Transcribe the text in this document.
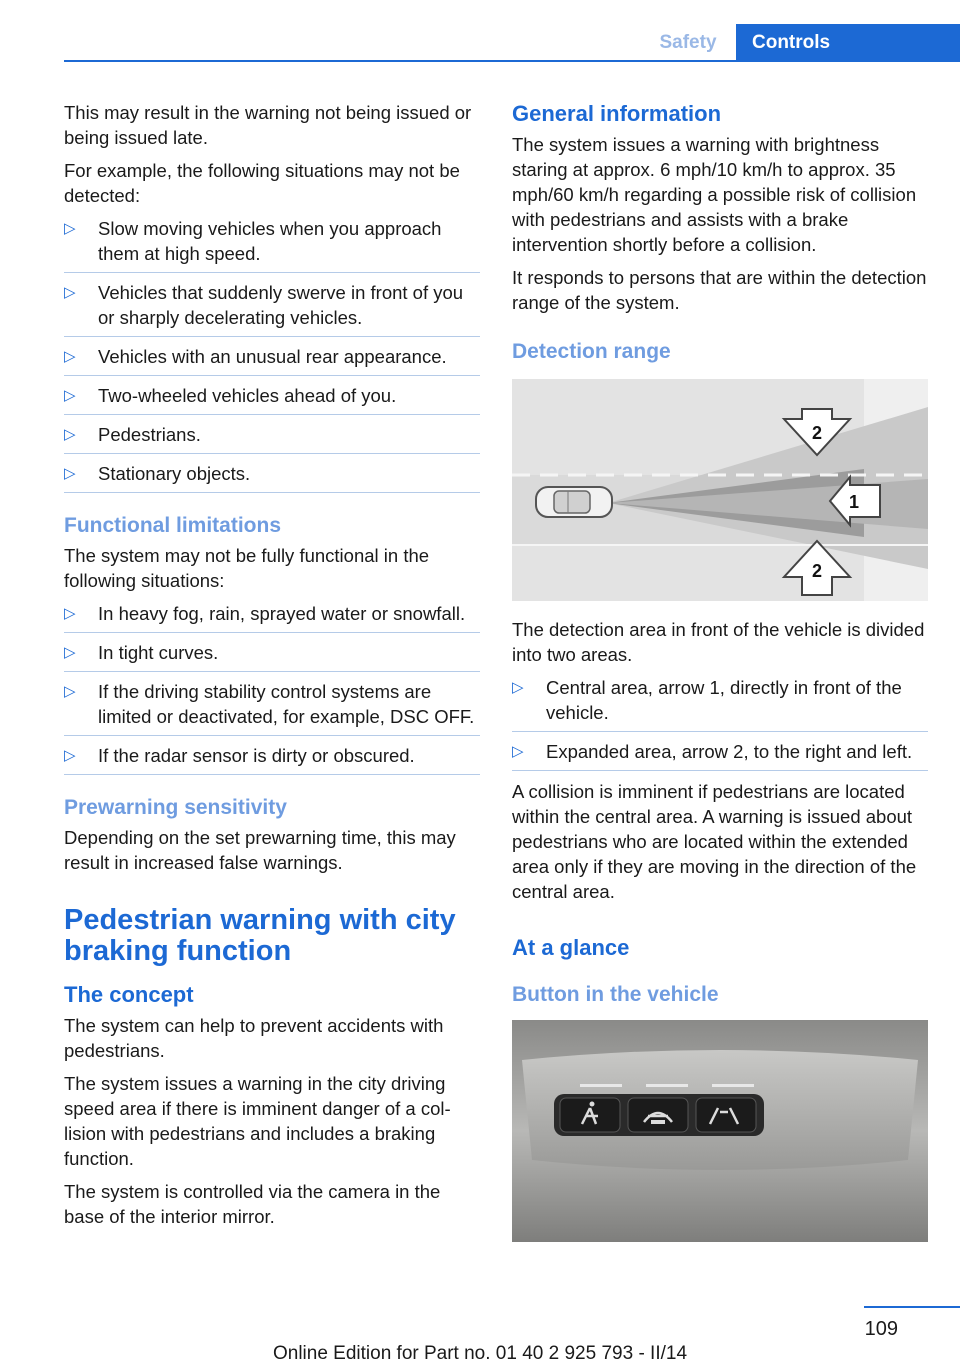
Safety	Controls

This may result in the warning not being issued or being issued late.

For example, the following situations may not be detected:

▷ Slow moving vehicles when you approach them at high speed.
▷ Vehicles that suddenly swerve in front of you or sharply decelerating vehicles.
▷ Vehicles with an unusual rear appearance.
▷ Two-wheeled vehicles ahead of you.
▷ Pedestrians.
▷ Stationary objects.
Functional limitations

The system may not be fully functional in the following situations:

▷ In heavy fog, rain, sprayed water or snowfall.
▷ In tight curves.
▷ If the driving stability control systems are limited or deactivated, for example, DSC OFF.
▷ If the radar sensor is dirty or obscured.
Prewarning sensitivity

Depending on the set prewarning time, this may result in increased false warnings.

Pedestrian warning with city braking function
The concept

The system can help to prevent accidents with pedestrians.

The system issues a warning in the city driving speed area if there is imminent danger of a collision with pedestrians and includes a braking function.

The system is controlled via the camera in the base of the interior mirror.

General information

The system issues a warning with brightness staring at approx. 6 mph/10 km/h to approx. 35 mph/60 km/h regarding a possible risk of collision with pedestrians and assists with a brake intervention shortly before a collision.

It responds to persons that are within the detection range of the system.

Detection range
2
1
2

The detection area in front of the vehicle is divided into two areas.

▷ Central area, arrow 1, directly in front of the vehicle.
▷ Expanded area, arrow 2, to the right and left.

A collision is imminent if pedestrians are located within the central area. A warning is issued about pedestrians who are located within the extended area only if they are moving in the direction of the central area.

At a glance
Button in the vehicle
109
Online Edition for Part no. 01 40 2 925 793 - II/14
